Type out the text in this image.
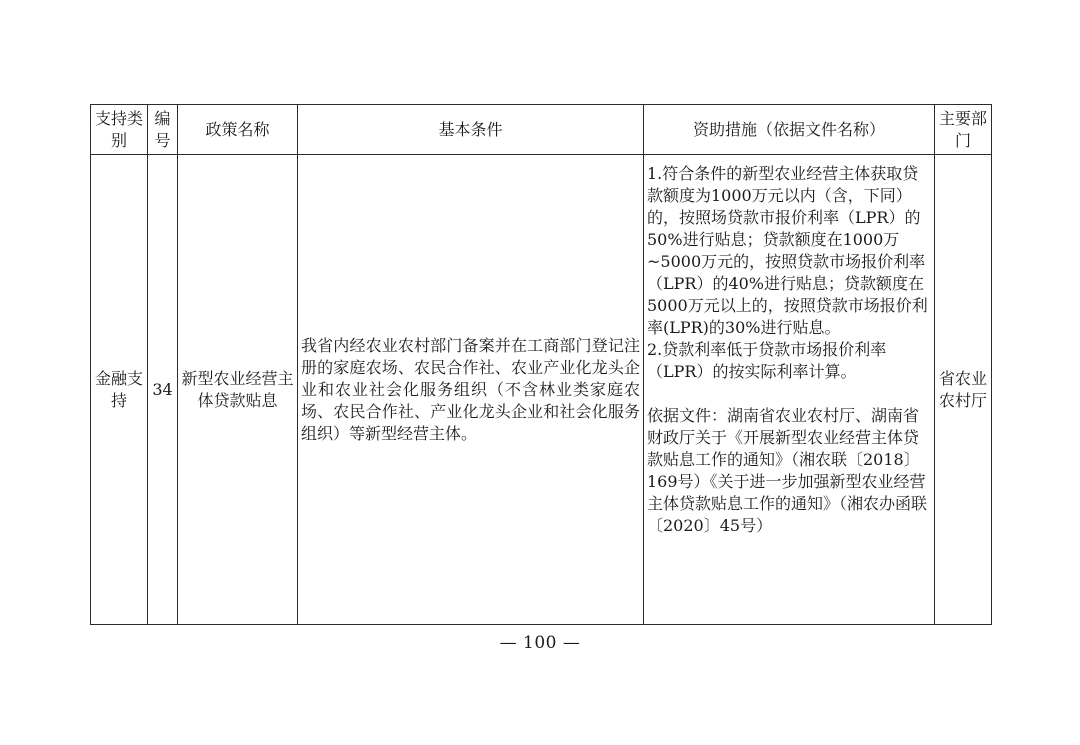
支持类别	编号	政策名称	基本条件	资助措施（依据文件名称）	主要部门
金融支持	34	新型农业经营主体贷款贴息	我省内经农业农村部门备案并在工商部门登记注册的家庭农场、农民合作社、农业产业化龙头企业和农业社会化服务组织（不含林业类家庭农场、农民合作社、产业化龙头企业和社会化服务组织）等新型经营主体。	1.符合条件的新型农业经营主体获取贷款额度为1000万元以内（含，下同）的，按照场贷款市报价利率（LPR）的50%进行贴息；贷款额度在1000万~5000万元的，按照贷款市场报价利率（LPR）的40%进行贴息；贷款额度在5000万元以上的，按照贷款市场报价利率(LPR)的30%进行贴息。

2.贷款利率低于贷款市场报价利率（LPR）的按实际利率计算。

依据文件：湖南省农业农村厅、湖南省财政厅关于《开展新型农业经营主体贷款贴息工作的通知》（湘农联〔2018〕169号）《关于进一步加强新型农业经营主体贷款贴息工作的通知》（湘农办函联〔2020〕45号）	省农业农村厅
— 100 —
